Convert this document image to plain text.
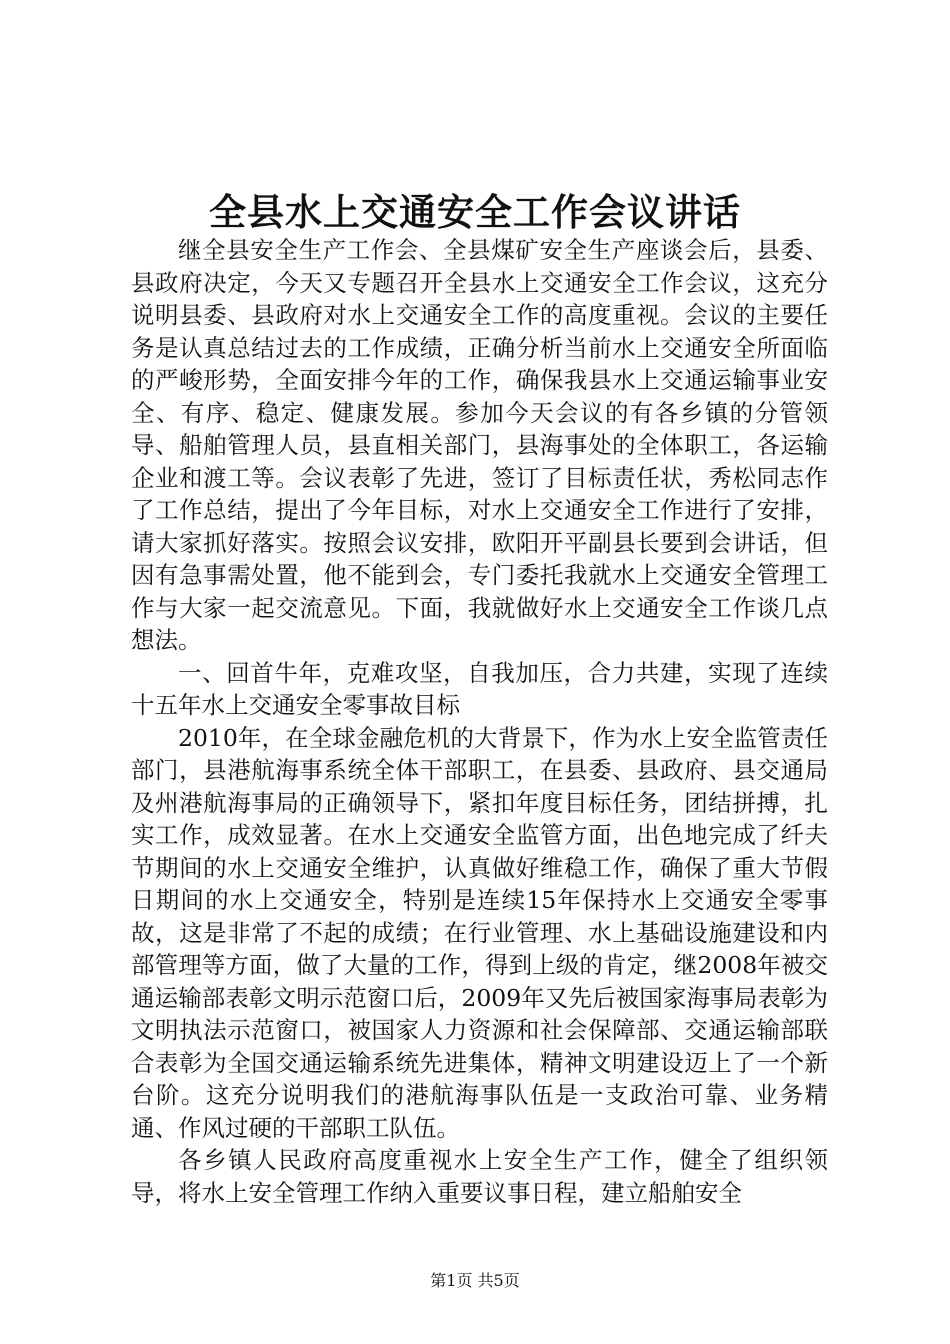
全县水上交通安全工作会议讲话

继全县安全生产工作会、全县煤矿安全生产座谈会后，县委、县政府决定，今天又专题召开全县水上交通安全工作会议，这充分说明县委、县政府对水上交通安全工作的高度重视。会议的主要任务是认真总结过去的工作成绩，正确分析当前水上交通安全所面临的严峻形势，全面安排今年的工作，确保我县水上交通运输事业安全、有序、稳定、健康发展。参加今天会议的有各乡镇的分管领导、船舶管理人员，县直相关部门，县海事处的全体职工，各运输企业和渡工等。会议表彰了先进，签订了目标责任状，秀松同志作了工作总结，提出了今年目标，对水上交通安全工作进行了安排，请大家抓好落实。按照会议安排，欧阳开平副县长要到会讲话，但因有急事需处置，他不能到会，专门委托我就水上交通安全管理工作与大家一起交流意见。下面，我就做好水上交通安全工作谈几点想法。

一、回首牛年，克难攻坚，自我加压，合力共建，实现了连续十五年水上交通安全零事故目标

2010年，在全球金融危机的大背景下，作为水上安全监管责任部门，县港航海事系统全体干部职工，在县委、县政府、县交通局及州港航海事局的正确领导下，紧扣年度目标任务，团结拼搏，扎实工作，成效显著。在水上交通安全监管方面，出色地完成了纤夫节期间的水上交通安全维护，认真做好维稳工作，确保了重大节假日期间的水上交通安全，特别是连续15年保持水上交通安全零事故，这是非常了不起的成绩；在行业管理、水上基础设施建设和内部管理等方面，做了大量的工作，得到上级的肯定，继2008年被交通运输部表彰文明示范窗口后，2009年又先后被国家海事局表彰为文明执法示范窗口，被国家人力资源和社会保障部、交通运输部联合表彰为全国交通运输系统先进集体，精神文明建设迈上了一个新台阶。这充分说明我们的港航海事队伍是一支政治可靠、业务精通、作风过硬的干部职工队伍。

各乡镇人民政府高度重视水上安全生产工作，健全了组织领导，将水上安全管理工作纳入重要议事日程，建立船舶安全

第1页 共5页
